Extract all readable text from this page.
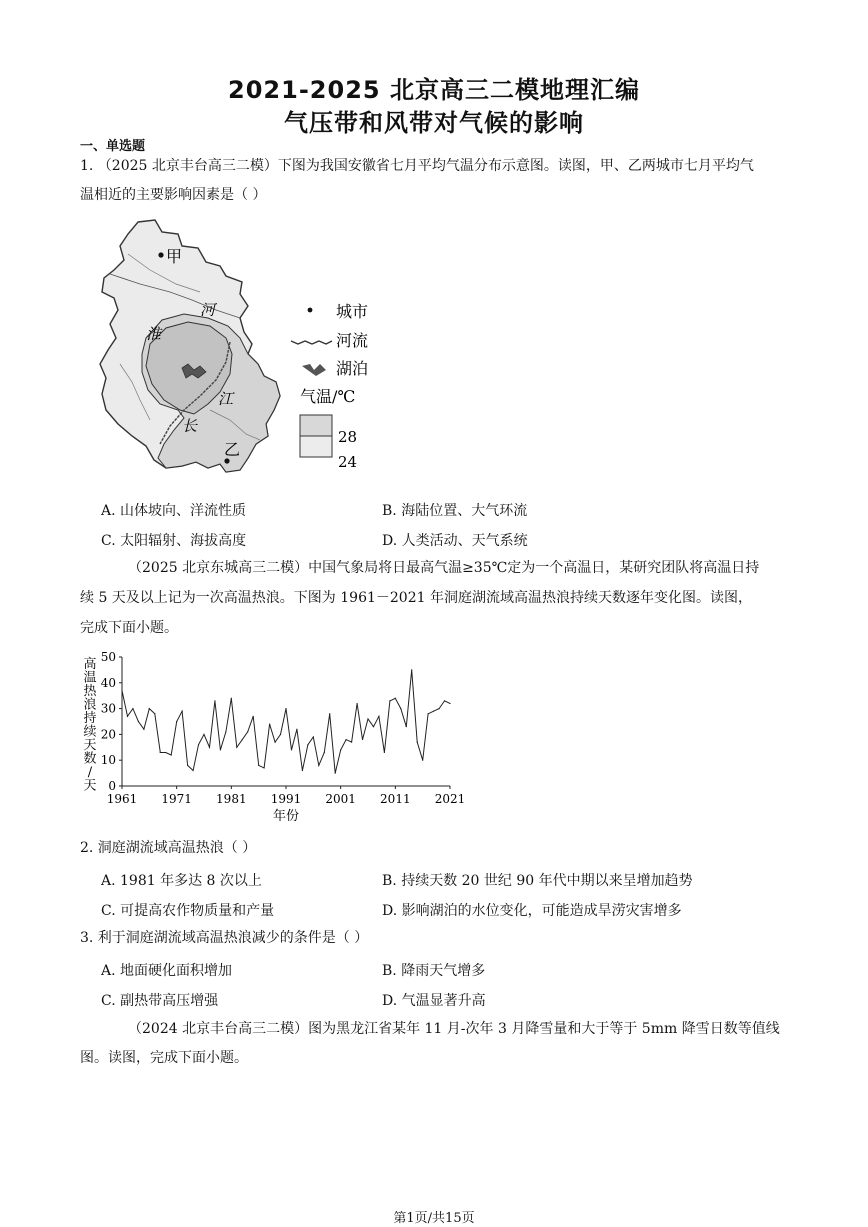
2021-2025 北京高三二模地理汇编
气压带和风带对气候的影响
一、单选题
1. （2025 北京丰台高三二模）下图为我国安徽省七月平均气温分布示意图。读图，甲、乙两城市七月平均气
温相近的主要影响因素是（ ）
甲
乙
河
淮
江
长
城市
河流
湖泊
气温/℃
28
24
A. 山体坡向、洋流性质	B. 海陆位置、大气环流
C. 太阳辐射、海拔高度	D. 人类活动、天气系统
（2025 北京东城高三二模）中国气象局将日最高气温≥35℃定为一个高温日，某研究团队将高温日持
续 5 天及以上记为一次高温热浪。下图为 1961－2021 年洞庭湖流域高温热浪持续天数逐年变化图。读图，
完成下面小题。
高
温
热
浪
持
续
天
数
/
天 0
10
20
30
40
50
1961 1971 1981 1991 2001 2011 2021
年份
2. 洞庭湖流域高温热浪（ ）
A. 1981 年多达 8 次以上	B. 持续天数 20 世纪 90 年代中期以来呈增加趋势
C. 可提高农作物质量和产量	D. 影响湖泊的水位变化，可能造成旱涝灾害增多
3. 利于洞庭湖流域高温热浪减少的条件是（ ）
A. 地面硬化面积增加	B. 降雨天气增多
C. 副热带高压增强	D. 气温显著升高
（2024 北京丰台高三二模）图为黑龙江省某年 11 月-次年 3 月降雪量和大于等于 5mm 降雪日数等值线
图。读图，完成下面小题。
第1页/共15页
